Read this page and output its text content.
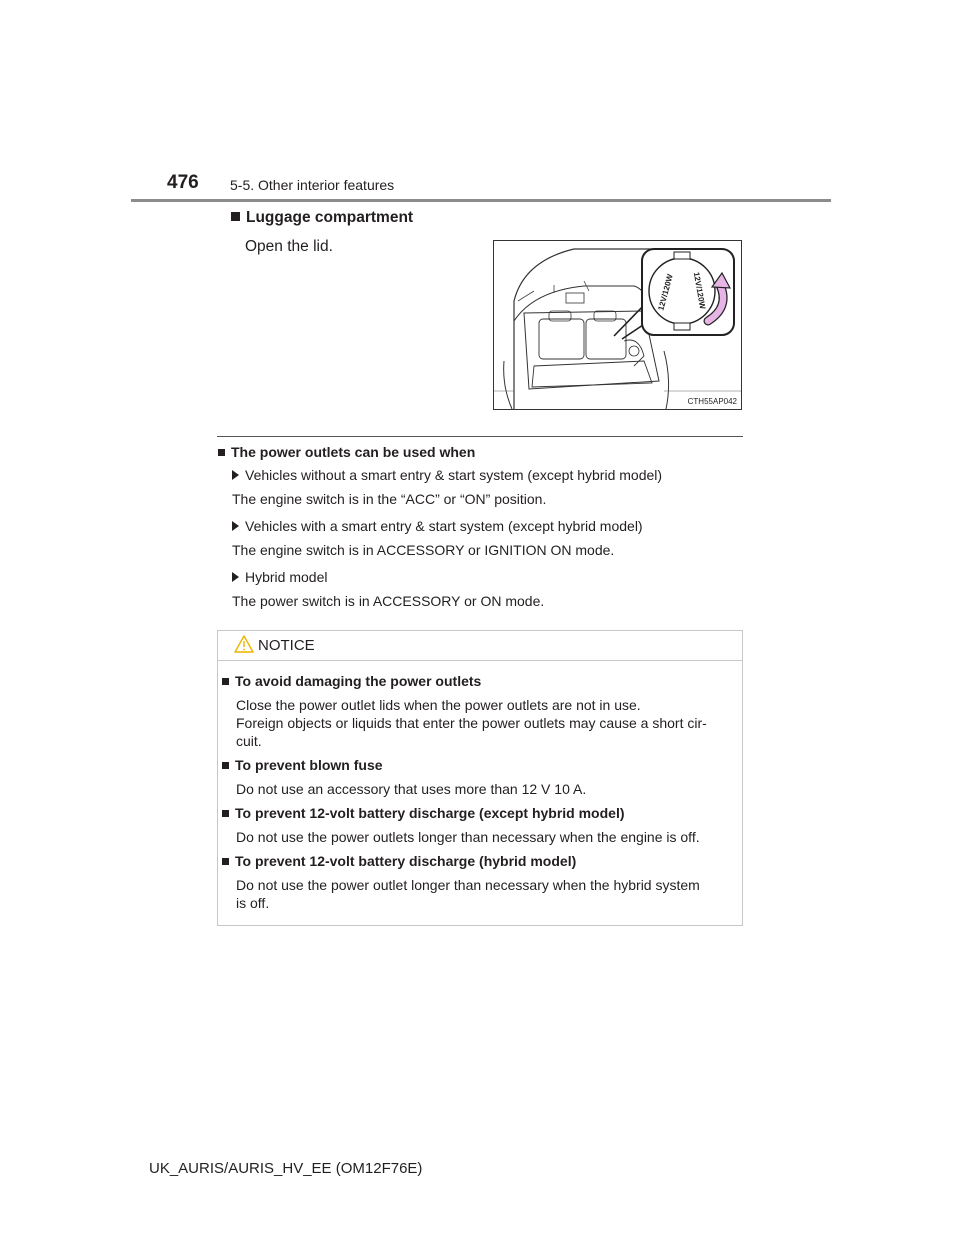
476 5-5. Other interior features
Luggage compartment
Open the lid.
12V/120W 12V/120W
CTH55AP042
The power outlets can be used when
Vehicles without a smart entry & start system (except hybrid model)
The engine switch is in the “ACC” or “ON” position.
Vehicles with a smart entry & start system (except hybrid model)
The engine switch is in ACCESSORY or IGNITION ON mode.
Hybrid model
The power switch is in ACCESSORY or ON mode.
NOTICE
To avoid damaging the power outlets
Close the power outlet lids when the power outlets are not in use.
Foreign objects or liquids that enter the power outlets may cause a short cir-
cuit.
To prevent blown fuse
Do not use an accessory that uses more than 12 V 10 A.
To prevent 12-volt battery discharge (except hybrid model)
Do not use the power outlets longer than necessary when the engine is off.
To prevent 12-volt battery discharge (hybrid model)
Do not use the power outlet longer than necessary when the hybrid system
is off.
UK_AURIS/AURIS_HV_EE (OM12F76E)
